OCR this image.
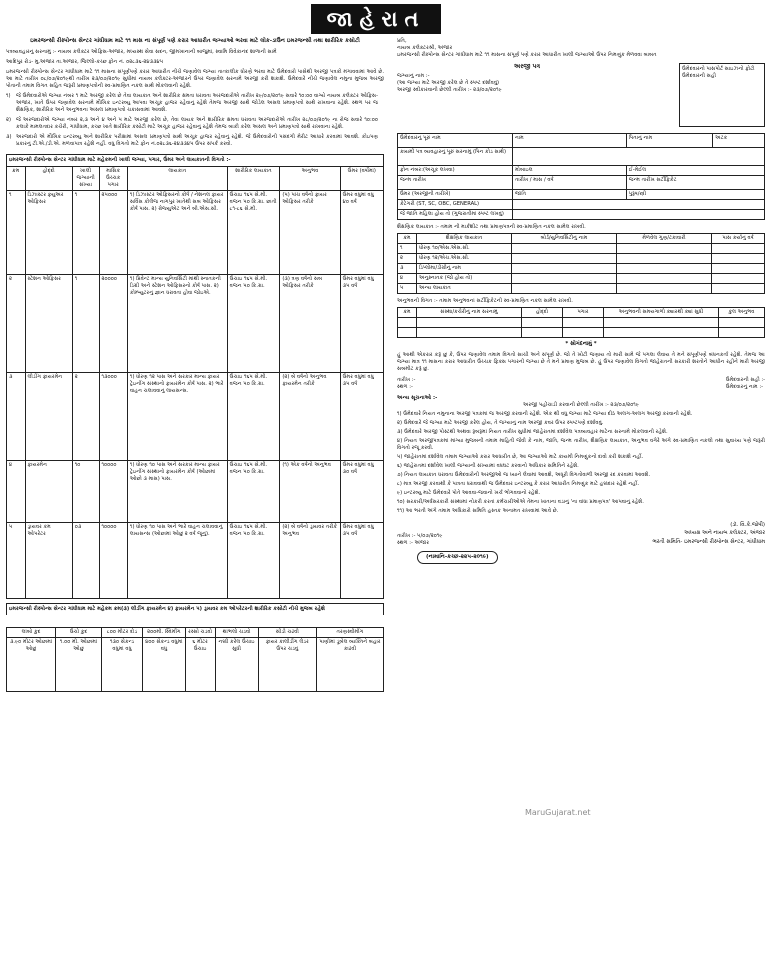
જાહેરાત
ઇમરજન્સી રીસ્પોન્સ સેન્ટર ગાંધીધામ માટે ૧૧ માસ ના સંપૂર્ણ પણે કરાર આધારીત જગ્યાઓ ભરવા માટે લોક-ડાઉન ઇમરજન્સી તથા શારીરિક કસોટી
પત્રવ્યવહારનું સરનામું :- નાયબ કલેક્ટર ઓફિસ-અંજાર, મધ્યસ્થ સેવા સદન, જીમખાનાની બાજુમાં, સ્વામિ વિવેકાનંદ શાળાની સામે
આદિપુર રોડ- મુ.અંજાર તા.અંજાર, જિલ્લો-કચ્છ ફોન નં. ૦૨૮૩૬-૨૪૩૩૪૫
ઇમરજન્સી રીસ્પોન્સ સેન્ટર ગાંધીધામ માટે ૧૧ માસના સંપૂર્ણપણે કરાર આધારીત નીચે જણાવેલ જગ્યા તાત્કાલીક ધોરણે ભરવા માટે ઉમેદવારો પાસેથી અરજી પત્રકો મંગાવવામાં આવે છે. આ માટે તારીખ ૦૮/૦૭/૨૦૧૯થી તારીખ ૨૩/૦૭/૨૦૧૯ સુધીમાં નાયબ કલેક્ટર-અંજારને ઉપર જણાવેલ સરનામે અરજી કરી શકાશે. ઉમેદવારે નીચે જણાવેલ નમુના મુજબ અરજી પોતાની તમામ વિગત સહિત જરૂરી પ્રમાણપત્રોની સ્વ-પ્રમાણિત નકલ સાથે મોકલવાની રહેશે.
૧) જે ઉમેદવારોએ જગ્યા નંબર ૧ માટે અરજી કરેલ છે તેવા લાયકાત અને શારીરિક ક્ષમતા ધરાવતા અરજદારોએ તારીખ ૨૯/૦૭/૨૦૧૯ સવારે ૧૦:૦૦ વાગ્યે નાયબ કલેક્ટર ઓફિસ-અંજાર, ખાતે ઉપર જણાવેલ સરનામે મૌખિક ઇન્ટરવ્યુ આપવા અચૂક હાજર રહેવાનું રહેશે તેમજ અરજી સાથે જોડેલ અસલ પ્રમાણપત્રો સાથે રાખવાના રહેશે. સ્થળ પર જ શૈક્ષણિક, શારીરિક અને અનુભવના અસલ પ્રમાણપત્રો ચકાસવામાં આવશે.
૨) જે અરજદારોએ જગ્યા નંબર ૨,૩ અને ૪ અને ૫ માટે અરજી કરેલ છે, તેવા લાયક અને શારીરિક ક્ષમતા ધરાવતા અરજદારોએ તારીખ ૨૮/૦૭/૨૦૧૯ ના રોજ સવારે ૧૦:૦૦ કલાકે મામલતદાર કચેરી, ગાંધીધામ, કચ્છ ખાતે શારીરિક કસોટી માટે અચૂક હાજર રહેવાનું રહેશે તેમજ બાકી કરેલ અસલ અને પ્રમાણપત્રો સાથે રાખવાના રહેશે.
૩) અરજદારો એ મૌખિક ઇન્ટરવ્યુ અને શારીરિક પરીક્ષામાં અસલ પ્રમાણપત્રો સાથે અચૂક હાજર રહેવાનું રહેશે. જે ઉમેદવારોની પસંદગી મેરીટ આધારે કરવામાં આવશે. કોઇપણ પ્રકારનું ટી.એ./ડી.એ. મળવાપાત્ર રહેશે નહીં. વધુ વિગતો માટે ફોન નં.૦૨૮૩૬-૨૪૩૩૪૫ ઉપર સંપર્ક કરવો.
ઇમરજન્સી રીસ્પોન્સ સેન્ટર ગાંધીધામ માટે મહેકમની ખાલી જગ્યા, પગાર, ઉંમર અને લાયકાતની વિગતો :-
ક્રમ	હોદ્દો	ખાલી જગ્યાની સંખ્યા	માસિક ઉચ્ચક પગાર	લાયકાત	શારીરિક લાયકાત	અનુભવ	ઉંમર (વર્ષોમાં)
૧	ડિઝાસ્ટર ફ્યુઅર ઓફિસર	૧	૨૫૦૦૦	૧) ડિઝાસ્ટર ઓફિસરનો કોર્ષ / નેશનલ ફાયર સર્વિસ કોલેજ નાગપુર ખાતેથી સબ ઓફિસર કોર્ષ પાસ. ૨) ગ્રેજ્યુએટ અને બી.એસ.સી.	ઉંચાઇ ૧૬૫ સે.મી. વજન ૫૦ કિ.ગ્રા. છાતી ૮૧-૮૬ સે.મી.	(૫) પાંચ વર્ષનો ફાયર ઓફિસર તરીકે	ઉંમર વધુમાં વધુ ૪૦ વર્ષ
૨	સ્ટેશન ઓફિસર	૧	૨૦૦૦૦	૧) પ્રિવેન્ટ માન્ય યુનિવર્સિટી માંથી સ્નાતકની ડિગ્રી અને સ્ટેશન ઓફિસરનો કોર્ષ પાસ. ૨) કોમ્પ્યુટરનું જ્ઞાન ધરાવતા હોવા જોઇએ.	ઉંચાઇ ૧૬૫ સે.મી. વજન ૫૦ કિ.ગ્રા.	(૩) ત્રણ વર્ષનો સબ ઓફિસર તરીકે	ઉંમર વધુમાં વધુ ૩૫ વર્ષ
૩	લીડીંગ ફાયરમેન	૨	૧૩૦૦૦	૧) ધોરણ ૧૨ પાસ અને સરકાર માન્ય ફાયર ટ્રેઇનીંગ સંસ્થાનો ફાયરમેન કોર્ષ પાસ. ૨) ભારે વાહન ચલાવવાનું લાયસન્સ.	ઉંચાઇ ૧૬૫ સે.મી. વજન ૫૦ કિ.ગ્રા.	(૨) બે વર્ષનો અનુભવ ફાયરમેન તરીકે	ઉંમર વધુમાં વધુ ૩૫ વર્ષ
૪	ફાયરમેન	૧૦	૧૦૦૦૦	૧) ધોરણ ૧૦ પાસ અને સરકાર માન્ય ફાયર ટ્રેઇનીંગ સંસ્થાનો ફાયરમેન કોર્ષ (ઓછામાં ઓછો ૩ માસ) પાસ.	ઉંચાઇ ૧૬૫ સે.મી. વજન ૫૦ કિ.ગ્રા.	(૧) એક વર્ષનો અનુભવ	ઉંમર વધુમાં વધુ ૩૦ વર્ષ
૫	ડ્રાયવર કમ ઓપરેટર	૦૩	૧૦૦૦૦	૧) ધોરણ ૧૦ પાસ અને ભારે વાહન ચલાવવાનું લાયસન્સ (ઓછામાં ઓછું ૨ વર્ષ જૂનું).	ઉંચાઇ ૧૬૫ સે.મી. વજન ૫૦ કિ.ગ્રા.	(૨) બે વર્ષનો ડ્રાયવર તરીકે અનુભવ	ઉંમર વધુમાં વધુ ૩૫ વર્ષ
ઇમરજન્સી રીસ્પોન્સ સેન્ટર ગાંધીધામ માટે મહેકમ ક્રમ(૩) લીડીંગ ફાયરમેન ૪) ફાયરમેન ૫) ડ્રાયવર કમ ઓપરેટરની શારીરિક કસોટી નીચે મુજબ રહેશે
લાંબો કુદ	ઉંચો કુદ	૮૦૦ મીટર દોડ	૨૦૦મી. સ્વિમીંગ	રસ્સો ચડવો	થાંભલો ચડવો	સીડી ચઢવી	તરણસ્વીમીંગ
૩.૯૦ મીટર ઓછામાં ઓછું	૧.૦૦ મી. ઓછામાં ઓછું	૧૩૦ સેકન્ડ વધુમાં વધુ	૪૦૦ સેકન્ડ વધુમાં વધુ	૬ મીટર ઉંચાઇ	નક્કી કરેલ ઉંચાઇ સુધી	ફાયર કાલીડીંગ લેડર ઉપર ચડવું	પાણીમાં ડૂબેલ વ્યક્તિને બહાર કાઢવી
પ્રતિ,
નાયબ કલેક્ટરશ્રી, અંજાર
ઇમરજન્સી રીસ્પોન્સ સેન્ટર ગાંધીધામ માટે ૧૧ માસના સંપૂર્ણ પણે કરાર આધારીત ખાલી જગ્યાઓ ઉપર નિમણુંક મેળવવા બાબત
અરજી પત્ર
જગ્યાનું નામ :-
(આ જગ્યા માટે અરજી કરેલ છે તે સ્પષ્ટ દર્શાવવું)
અરજી સ્વીકારવાની છેલ્લી તારીખ :- ૨૩/૦૭/૨૦૧૯
ઉમેદવારનો પાસપોર્ટ સાઇઝનો ફોટો ઉમેદવારની સહી
ઉમેદવારનું પૂરું નામ	નામ	પિતાનું નામ	અટક
કાયમી પત્ર વ્યવહારનું પૂરું સરનામું (પિન કોડ સાથે)			
ફોન નંબર:(અચૂક લખવા)	મોબાઇલ	ઈ-મેઈલ	
જન્મ તારીખ	તારીખ / માસ / વર્ષ	જન્મ તારીખ સર્ટીફિકેટ	
ઉંમર (અરજીની તારીખે)	જાતિ	પુરૂષ/સ્ત્રી	
કેટેગરી (ST, SC, OBC, GENERAL)			
જે જાતિ મહિલા હોય તો (ગુજરાતીમાં સ્પષ્ટ લખવું)			
શૈક્ષણિક લાયકાત :- તમામ ની માર્કશીટ તથા પ્રમાણપત્રની સ્વ-પ્રમાણિત નકલ સામેલ રાખવી.
ક્રમ	શૈક્ષણિક લાયકાત	બોર્ડ/યુનિવર્સિટીનું નામ	મેળવેલ ગુણ/ટકાવારી	પાસ કર્યાનું વર્ષ
૧	ધોરણ ૧૦/એસ.એસ.સી.			
૨	ધોરણ ૧૨/એચ.એસ.સી.			
૩	ડિપ્લોમા/ડીગ્રીનું નામ			
૪	અનુસ્નાતક (જો હોય તો)			
૫	અન્ય લાયકાત			
અનુભવની વિગત :- તમામ અનુભવનાં સર્ટીફિકેટની સ્વ-પ્રમાણિત નકલ સામેલ રાખવી.
ક્રમ	સંસ્થા/કચેરીનું નામ સરનામું	હોદ્દો	પગાર	અનુભવની સમયગાળો ક્યારથી ક્યાં સુધી	કુલ અનુભવ

* સોગંદનામું *
હું આથી એકરાર કરૂં છું કે, ઉપર જણાવેલ તમામ વિગતો સાચી અને સંપૂર્ણ છે. જો તે ખોટી જણાય તો મારી સામે જે પગલા લેવાય તે મને સંપૂર્ણપણે બંધનકર્તા રહેશે. તેમજ આ જગ્યા માત્ર ૧૧ માસના કરાર આધારીત ઉચ્ચક ફિક્સ પગારની જગ્યા છે તે મને પ્રમાણ મુજબ છે. હું ઉપર જણાવેલ વિગતો જાહેરાતની સરકારી શરતોને આધીન રહીને મારી અરજી સબમીટ કરૂં છું.
તારીખ :-
સ્થળ :-
ઉમેદવારની સહી :-
ઉમેદવારનું નામ :-
અન્ય સૂચનાઓ :-
અરજી પહોંચાડી કરવાની છેલ્લી તારીખ :- ૨૩/૦૭/૨૦૧૯

૧) ઉમેદવારે નિયત નમુનાના અરજી પત્રકમાં જ અરજી કરવાની રહેશે. એક થી વધુ જગ્યા માટે જગ્યા દીઠ અલગ-અલગ અરજી કરવાની રહેશે.

૨) ઉમેદવારે જે જગ્યા માટે અરજી કરેલ હોય, તે જગ્યાનું નામ અરજી કવર ઉપર સ્પષ્ટપણે દર્શાવવું.

૩) ઉમેદવારે અરજી પોસ્ટથી અથવા રૂબરૂમાં નિયત તારીખ સુધીમાં જાહેરાતમાં દર્શાવેલ પત્રવ્યવહાર માટેના સરનામે મોકલવાની રહેશે.

૪) નિયત અરજીપત્રકમાં માંગ્યા મુજબની તમામ માહિતી જેવી કે નામ, જાતિ, જન્મ તારીખ, શૈક્ષણિક લાયકાત, અનુભવ વગેરે અંગે સ્વ-પ્રમાણિત નકલો તથા સુવાચ્ય પણે જરૂરી વિગતો રજૂ કરવી.

૫) જાહેરાતમાં દર્શાવેલ તમામ જગ્યાઓ કરાર આધારીત છે, આ જગ્યાઓ માટે કાયમી નિમણુંકનો દાવો કરી શકાશે નહીં.

૬) જાહેરાતમાં દર્શાવેલ ખાલી જગ્યાની સંખ્યામાં વધઘટ કરવાનો અધિકાર સમિતિને રહેશે.

૭) નિયત લાયકાત ધરાવતા ઉમેદવારોની અરજીઓ જ ધ્યાને લેવામાં આવશે, અધૂરી વિગતોવાળી અરજી રદ કરવામાં આવશે.

૮) માત્ર અરજી કરવાથી કે પાત્રતા ધરાવવાથી જ ઉમેદવાર ઇન્ટરવ્યુ કે કરાર આધારીત નિમણુંક માટે હક્કદાર રહેશે નહીં.

૯) ઇન્ટરવ્યુ માટે ઉમેદવારે પોતે આવવા-જવાનો ખર્ચ ભોગવવાનો રહેશે.

૧૦) સરકારી/અર્ધસરકારી સંસ્થામાં નોકરી કરતાં કર્મચારીઓએ તેમના ખાતાના વડાનું 'ના વાંધા પ્રમાણપત્ર' આપવાનું રહેશે.

૧૧) આ ભરતી અંગે તમામ અધિકારો સમિતિ હસ્તક અનામત રાખવામાં આવે છે.

તારીખ :- ૫/૦૭/૨૦૧૯
સ્થળ :- અંજાર
(ડૉ. વિ.કે.જોષી)
અધ્યક્ષ અને નાયબ કલેક્ટર, અંજાર
ભરતી સમિતિ- ઇમરજન્સી રીસ્પોન્સ સેન્ટર, ગાંધીધામ
(નામાનિ-કચ્છ-૨૨૫-૨૦૧૯)
MaruGujarat.net
